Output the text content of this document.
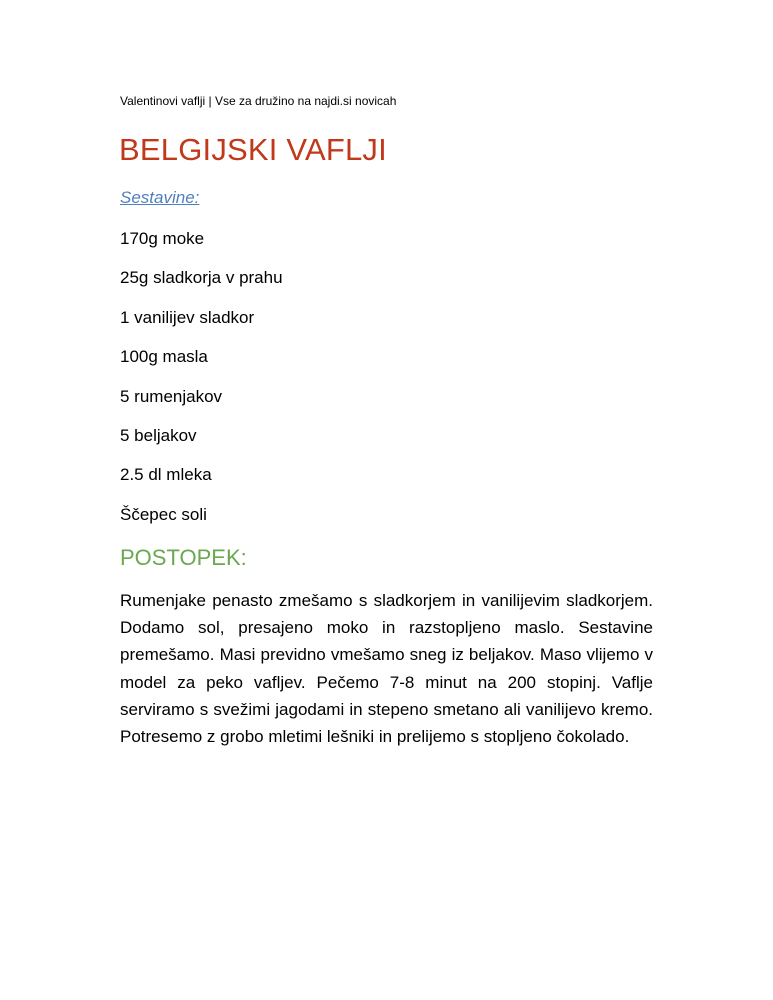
Valentinovi vaflji | Vse za družino na najdi.si novicah
BELGIJSKI VAFLJI
Sestavine:
170g moke
25g sladkorja v prahu
1 vanilijev sladkor
100g masla
5 rumenjakov
5 beljakov
2.5 dl mleka
Ščepec soli
POSTOPEK:

Rumenjake penasto zmešamo s sladkorjem in vanilijevim sladkorjem. Dodamo sol, presajeno moko in razstopljeno maslo. Sestavine premešamo. Masi previdno vmešamo sneg iz beljakov. Maso vlijemo v model za peko vafljev. Pečemo 7-8 minut na 200 stopinj. Vaflje serviramo s svežimi jagodami in stepeno smetano ali vanilijevo kremo. Potresemo z grobo mletimi lešniki in prelijemo s stopljeno čokolado.
